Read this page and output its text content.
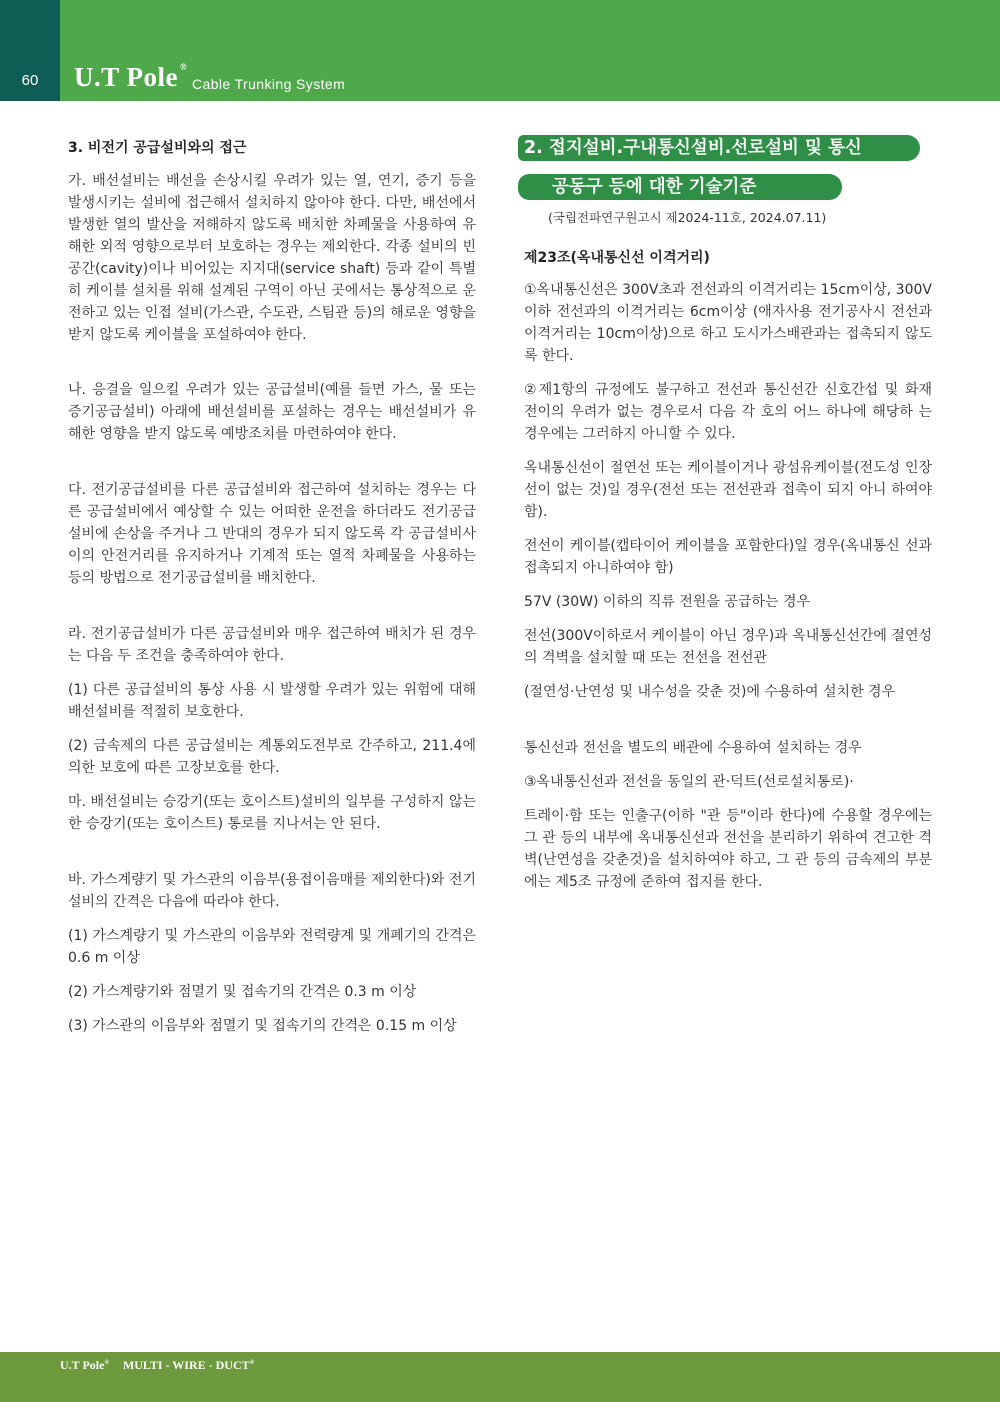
60	U.T Pole ®
Cable Trunking System
3. 비전기 공급설비와의 접근

가. 배선설비는 배선을 손상시킬 우려가 있는 열, 연기, 증기 등을 발생시키는 설비에 접근해서 설치하지 않아야 한다. 다만, 배선에서 발생한 열의 발산을 저해하지 않도록 배치한 차폐물을 사용하여 유해한 외적 영향으로부터 보호하는 경우는 제외한다. 각종 설비의 빈 공간(cavity)이나 비어있는 지지대(service shaft) 등과 같이 특별히 케이블 설치를 위해 설계된 구역이 아닌 곳에서는 통상적으로 운전하고 있는 인접 설비(가스관, 수도관, 스팀관 등)의 해로운 영향을 받지 않도록 케이블을 포설하여야 한다.

나. 응결을 일으킬 우려가 있는 공급설비(예를 들면 가스, 물 또는 증기공급설비) 아래에 배선설비를 포설하는 경우는 배선설비가 유해한 영향을 받지 않도록 예방조치를 마련하여야 한다.

다. 전기공급설비를 다른 공급설비와 접근하여 설치하는 경우는 다른 공급설비에서 예상할 수 있는 어떠한 운전을 하더라도 전기공급설비에 손상을 주거나 그 반대의 경우가 되지 않도록 각 공급설비사이의 안전거리를 유지하거나 기계적 또는 열적 차폐물을 사용하는 등의 방법으로 전기공급설비를 배치한다.

라. 전기공급설비가 다른 공급설비와 매우 접근하여 배치가 된 경우는 다음 두 조건을 충족하여야 한다.

(1) 다른 공급설비의 통상 사용 시 발생할 우려가 있는 위험에 대해 배선설비를 적절히 보호한다.

(2) 금속제의 다른 공급설비는 계통외도전부로 간주하고, 211.4에 의한 보호에 따른 고장보호를 한다.

마. 배선설비는 승강기(또는 호이스트)설비의 일부를 구성하지 않는 한 승강기(또는 호이스트) 통로를 지나서는 안 된다.

바. 가스계량기 및 가스관의 이음부(용접이음매를 제외한다)와 전기설비의 간격은 다음에 따라야 한다.

(1) 가스계량기 및 가스관의 이음부와 전력량계 및 개폐기의 간격은 0.6 m 이상

(2) 가스계량기와 점멸기 및 접속기의 간격은 0.3 m 이상

(3) 가스관의 이음부와 점멸기 및 접속기의 간격은 0.15 m 이상

2. 접지설비.구내통신설비.선로설비 및 통신
공동구 등에 대한 기술기준
(국립전파연구원고시 제2024-11호, 2024.07.11)
제23조(옥내통신선 이격거리)

①옥내통신선은 300V초과 전선과의 이격거리는 15cm이상, 300V이하 전선과의 이격거리는 6cm이상 (애자사용 전기공사시 전선과 이격거리는 10cm이상)으로 하고 도시가스배관과는 접촉되지 않도록 한다.

②제1항의 규정에도 불구하고 전선과 통신선간 신호간섭 및 화재 전이의 우려가 없는 경우로서 다음 각 호의 어느 하나에 해당하 는 경우에는 그러하지 아니할 수 있다.

옥내통신선이 절연선 또는 케이블이거나 광섬유케이블(전도성 인장선이 없는 것)일 경우(전선 또는 전선관과 접촉이 되지 아니 하여야 함).

전선이 케이블(캡타이어 케이블을 포함한다)일 경우(옥내통신 선과 접촉되지 아니하여야 함)

57V (30W) 이하의 직류 전원을 공급하는 경우

전선(300V이하로서 케이블이 아닌 경우)과 옥내통신선간에 절연성의 격벽을 설치할 때 또는 전선을 전선관

(절연성·난연성 및 내수성을 갖춘 것)에 수용하여 설치한 경우

통신선과 전선을 별도의 배관에 수용하여 설치하는 경우

③옥내통신선과 전선을 동일의 관·덕트(선로설치통로)·

트레이·함 또는 인출구(이하 "관 등"이라 한다)에 수용할 경우에는 그 관 등의 내부에 옥내통신선과 전선을 분리하기 위하여 견고한 격벽(난연성을 갖춘것)을 설치하여야 하고, 그 관 등의 금속제의 부분에는 제5조 규정에 준하여 접지를 한다.

U.T Pole® MULTI - WIRE - DUCT®
